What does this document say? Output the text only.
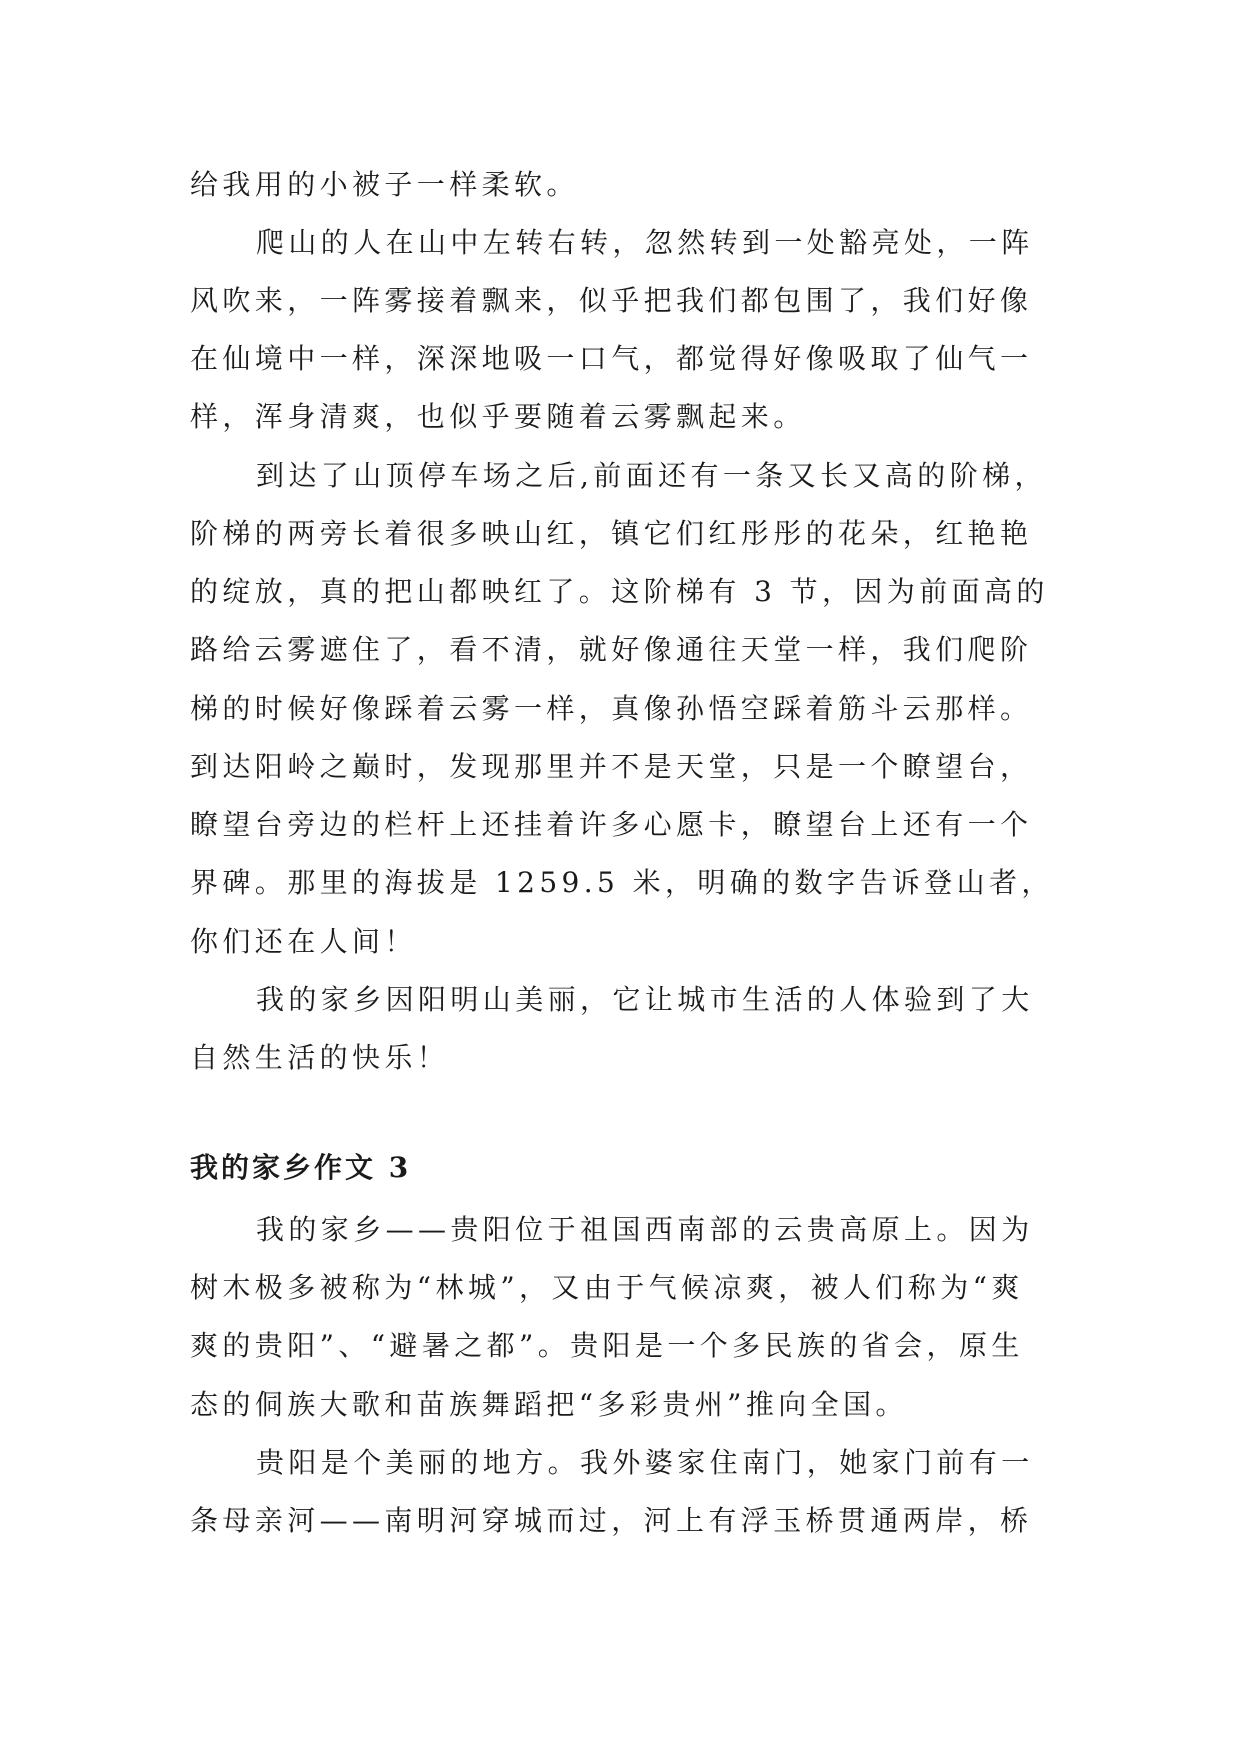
给我用的小被子一样柔软。

爬山的人在山中左转右转，忽然转到一处豁亮处，一阵

风吹来，一阵雾接着飘来，似乎把我们都包围了，我们好像

在仙境中一样，深深地吸一口气，都觉得好像吸取了仙气一

样，浑身清爽，也似乎要随着云雾飘起来。

到达了山顶停车场之后,前面还有一条又长又高的阶梯，

阶梯的两旁长着很多映山红，镇它们红彤彤的花朵，红艳艳

的绽放，真的把山都映红了。这阶梯有 3 节，因为前面高的

路给云雾遮住了，看不清，就好像通往天堂一样，我们爬阶

梯的时候好像踩着云雾一样，真像孙悟空踩着筋斗云那样。

到达阳岭之巅时，发现那里并不是天堂，只是一个瞭望台，

瞭望台旁边的栏杆上还挂着许多心愿卡，瞭望台上还有一个

界碑。那里的海拔是 1259.5 米，明确的数字告诉登山者，

你们还在人间！

我的家乡因阳明山美丽，它让城市生活的人体验到了大

自然生活的快乐！

我的家乡作文 3

我的家乡——贵阳位于祖国西南部的云贵高原上。因为

树木极多被称为“林城”，又由于气候凉爽，被人们称为“爽

爽的贵阳”、“避暑之都”。贵阳是一个多民族的省会，原生

态的侗族大歌和苗族舞蹈把“多彩贵州”推向全国。

贵阳是个美丽的地方。我外婆家住南门，她家门前有一

条母亲河——南明河穿城而过，河上有浮玉桥贯通两岸，桥
